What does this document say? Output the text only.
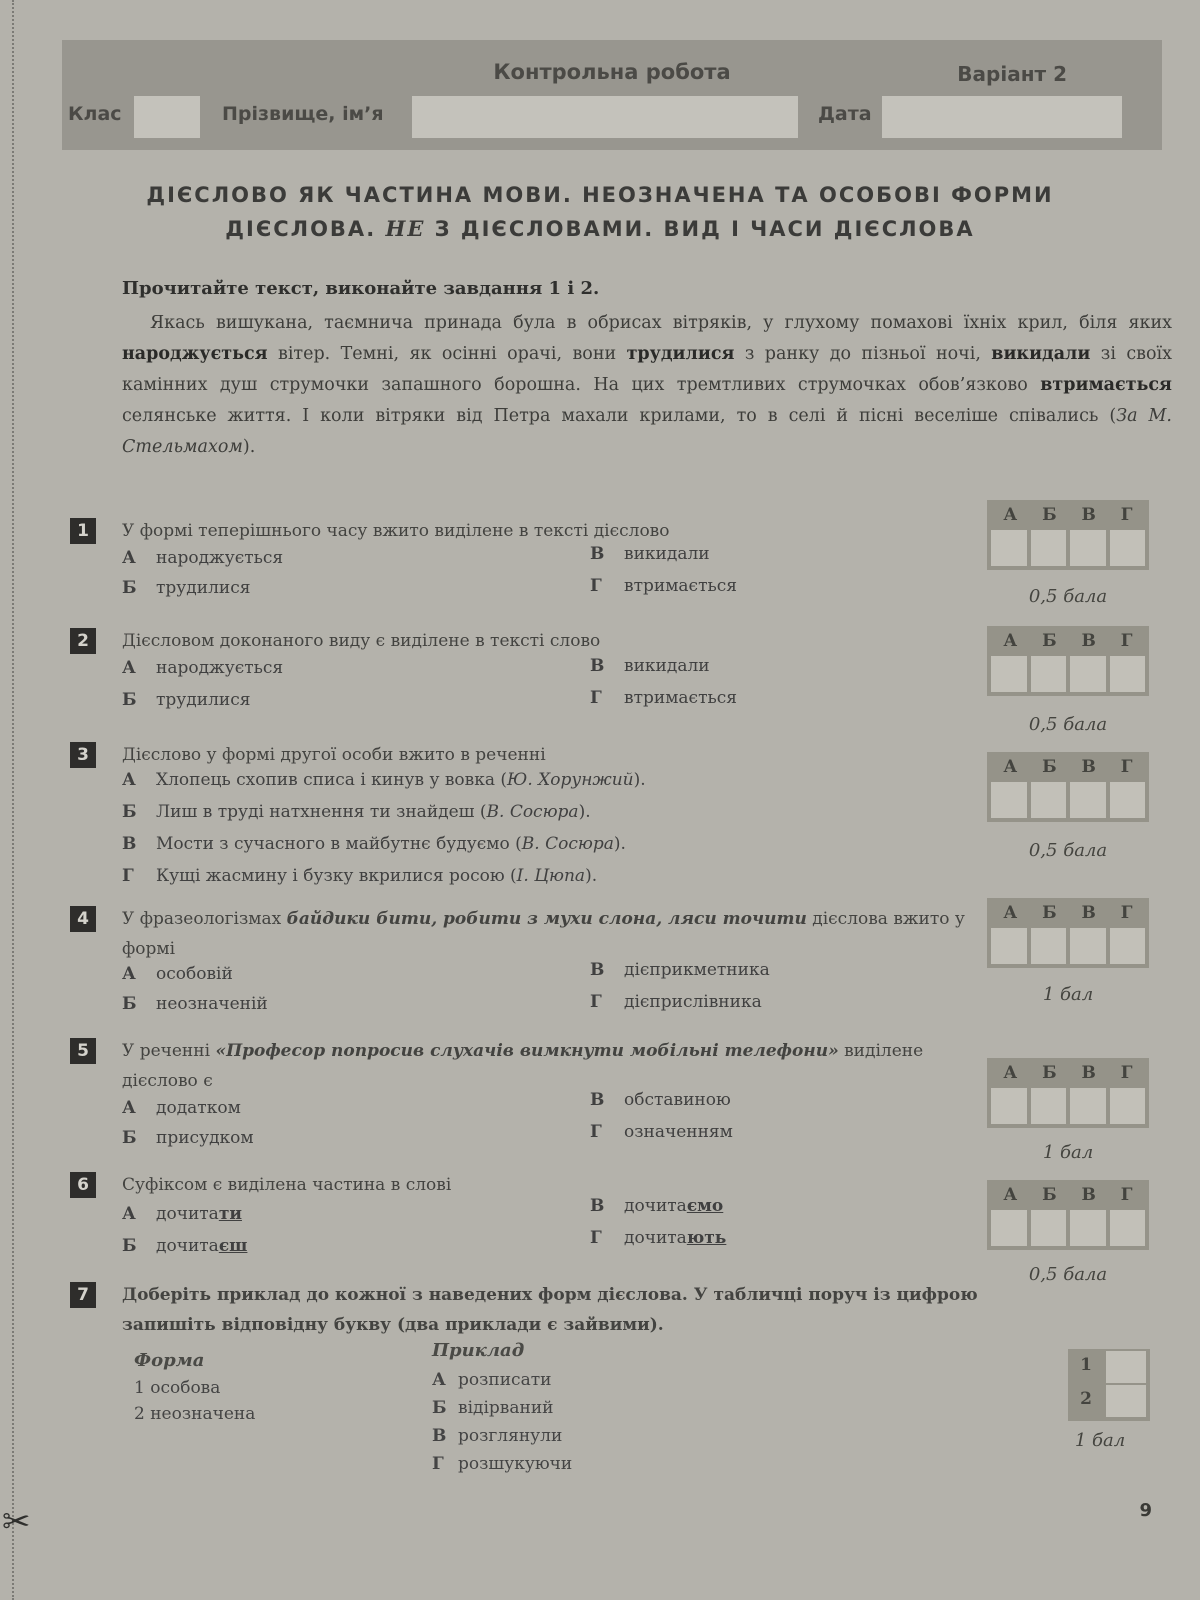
✂
Контрольна робота	Варіант 2
Клас	Прізвище, ім’я	Дата
ДІЄСЛОВО ЯК ЧАСТИНА МОВИ. НЕОЗНАЧЕНА ТА ОСОБОВІ ФОРМИ
ДІЄСЛОВА. НЕ З ДІЄСЛОВАМИ. ВИД І ЧАСИ ДІЄСЛОВА
Прочитайте текст, виконайте завдання 1 і 2.
Якась вишукана, таємнича принада була в обрисах вітряків, у глухому помахові їхніх крил, біля яких народжується вітер. Темні, як осінні орачі, вони трудилися з ранку до пізньої ночі, викидали зі своїх камінних душ струмочки запашного борошна. На цих тремтливих струмочках обов’язково втримається селянське життя. І коли вітряки від Петра махали крилами, то в селі й пісні веселіше співались (За М. Стельмахом).
1	У формі теперішнього часу вжито виділене в тексті дієслово
А народжується
Б трудилися
В викидали
Г втримається
А Б В Г
0,5 бала
2	Дієсловом доконаного виду є виділене в тексті слово
А народжується
Б трудилися
В викидали
Г втримається
А Б В Г
0,5 бала
3	Дієслово у формі другої особи вжито в реченні
А Хлопець схопив списа і кинув у вовка (Ю. Хорунжий).
Б Лиш в труді натхнення ти знайдеш (В. Сосюра).
В Мости з сучасного в майбутнє будуємо (В. Сосюра).
Г Кущі жасмину і бузку вкрилися росою (І. Цюпа).
А Б В Г
0,5 бала
4	У фразеологізмах байдики бити, робити з мухи слона, ляси точити дієслова вжито у формі
А особовій
Б неозначеній
В дієприкметника
Г дієприслівника
А Б В Г
1 бал
5	У реченні «Професор попросив слухачів вимкнути мобільні телефони» виділене дієслово є
А додатком
Б присудком
В обставиною
Г означенням
А Б В Г
1 бал
6	Суфіксом є виділена частина в слові
А дочитати
Б дочитаєш
В дочитаємо
Г дочитають
А Б В Г
0,5 бала
7	Доберіть приклад до кожної з наведених форм дієслова. У табличці поруч із цифрою запишіть відповідну букву (два приклади є зайвими).
Форма
1 особова
2 неозначена
Приклад
А розписати
Б відірваний
В розглянули
Г розшукуючи
1
2
1 бал
9
